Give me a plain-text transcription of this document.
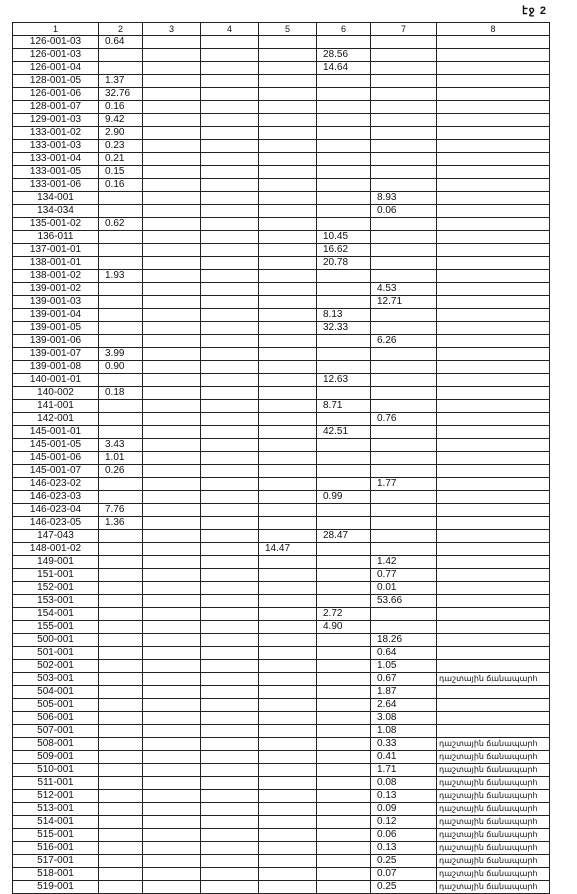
էջ 2
1	2	3	4	5	6	7	8
126-001-03	0.64						
126-001-03					28.56		
126-001-04					14.64		
128-001-05	1.37						
126-001-06	32.76						
128-001-07	0.16						
129-001-03	9.42						
133-001-02	2.90						
133-001-03	0.23						
133-001-04	0.21						
133-001-05	0.15						
133-001-06	0.16						
134-001						8.93	
134-034						0.06	
135-001-02	0.62						
136-011					10.45		
137-001-01					16.62		
138-001-01					20.78		
138-001-02	1.93						
139-001-02						4.53	
139-001-03						12.71	
139-001-04					8.13		
139-001-05					32.33		
139-001-06						6.26	
139-001-07	3.99						
139-001-08	0.90						
140-001-01					12.63		
140-002	0.18						
141-001					8.71		
142-001						0.76	
145-001-01					42.51		
145-001-05	3.43						
145-001-06	1.01						
145-001-07	0.26						
146-023-02						1.77	
146-023-03					0.99		
146-023-04	7.76						
146-023-05	1.36						
147-043					28.47		
148-001-02				14.47			
149-001						1.42	
151-001						0.77	
152-001						0.01	
153-001						53.66	
154-001					2.72		
155-001					4.90		
500-001						18.26	
501-001						0.64	
502-001						1.05	
503-001						0.67	դաշտային ճանապարհ
504-001						1.87	
505-001						2.64	
506-001						3.08	
507-001						1.08	
508-001						0.33	դաշտային ճանապարհ
509-001						0.41	դաշտային ճանապարհ
510-001						1.71	դաշտային ճանապարհ
511-001						0.08	դաշտային ճանապարհ
512-001						0.13	դաշտային ճանապարհ
513-001						0.09	դաշտային ճանապարհ
514-001						0.12	դաշտային ճանապարհ
515-001						0.06	դաշտային ճանապարհ
516-001						0.13	դաշտային ճանապարհ
517-001						0.25	դաշտային ճանապարհ
518-001						0.07	դաշտային ճանապարհ
519-001						0.25	դաշտային ճանապարհ
